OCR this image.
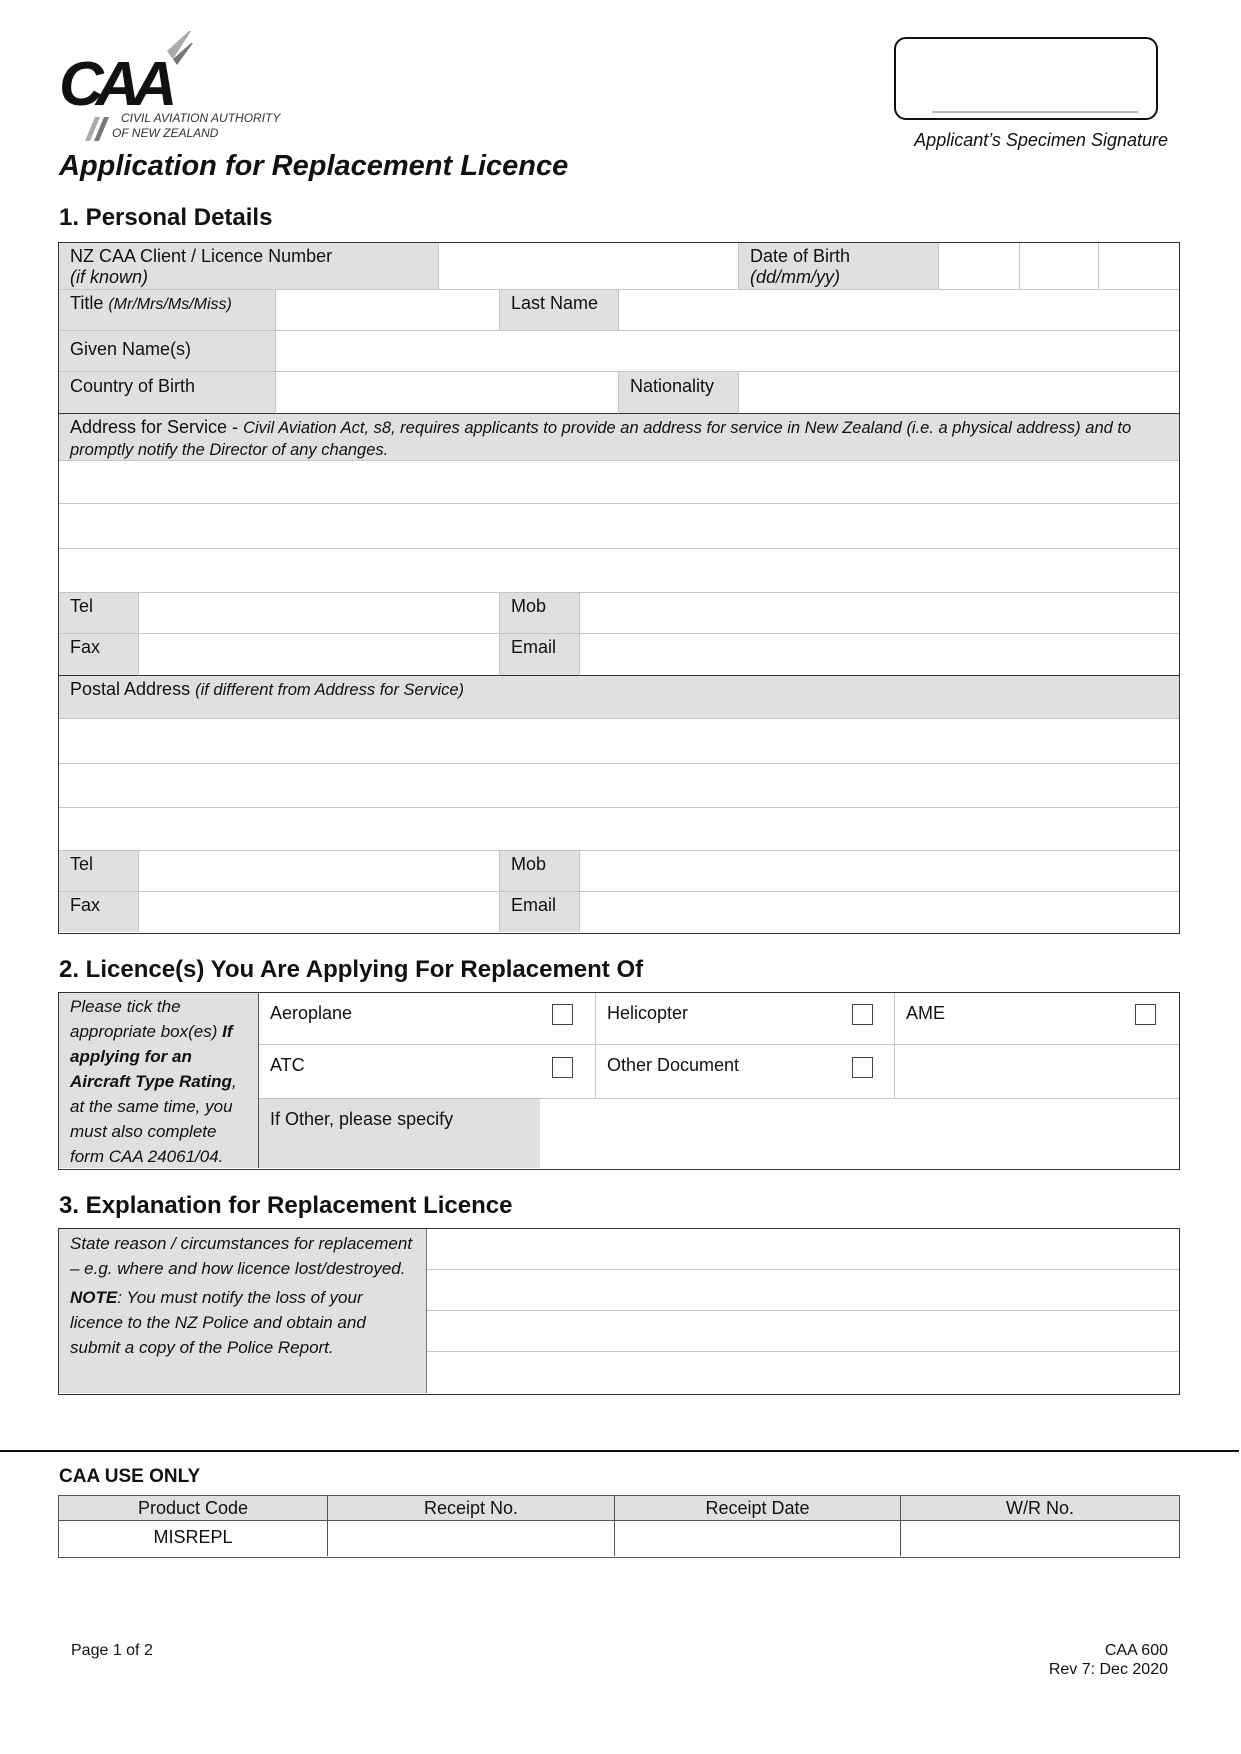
CAA
CIVIL AVIATION AUTHORITY
OF NEW ZEALAND	Applicant’s Specimen Signature
Application for Replacement Licence
1. Personal Details
NZ CAA Client / Licence Number
(if known)
Date of Birth
(dd/mm/yy)
Title (Mr/Mrs/Ms/Miss)	Last Name
Given Name(s)
Country of Birth	Nationality
Address for Service - Civil Aviation Act, s8, requires applicants to provide an address for service in New Zealand (i.e. a physical address) and to promptly notify the Director of any changes.
Tel	Mob
Fax	Email
Postal Address (if different from Address for Service)
Tel	Mob
Fax	Email
2. Licence(s) You Are Applying For Replacement Of
Please tick the appropriate box(es) If applying for an Aircraft Type Rating, at the same time, you must also complete form CAA 24061/04.
Aeroplane	Helicopter	AME
ATC	Other Document
If Other, please specify
3. Explanation for Replacement Licence
State reason / circumstances for replacement – e.g. where and how licence lost/destroyed.
NOTE: You must notify the loss of your licence to the NZ Police and obtain and submit a copy of the Police Report.
CAA USE ONLY
Product Code	Receipt No.	Receipt Date	W/R No.
MISREPL
Page 1 of 2	CAA 600
Rev 7: Dec 2020
